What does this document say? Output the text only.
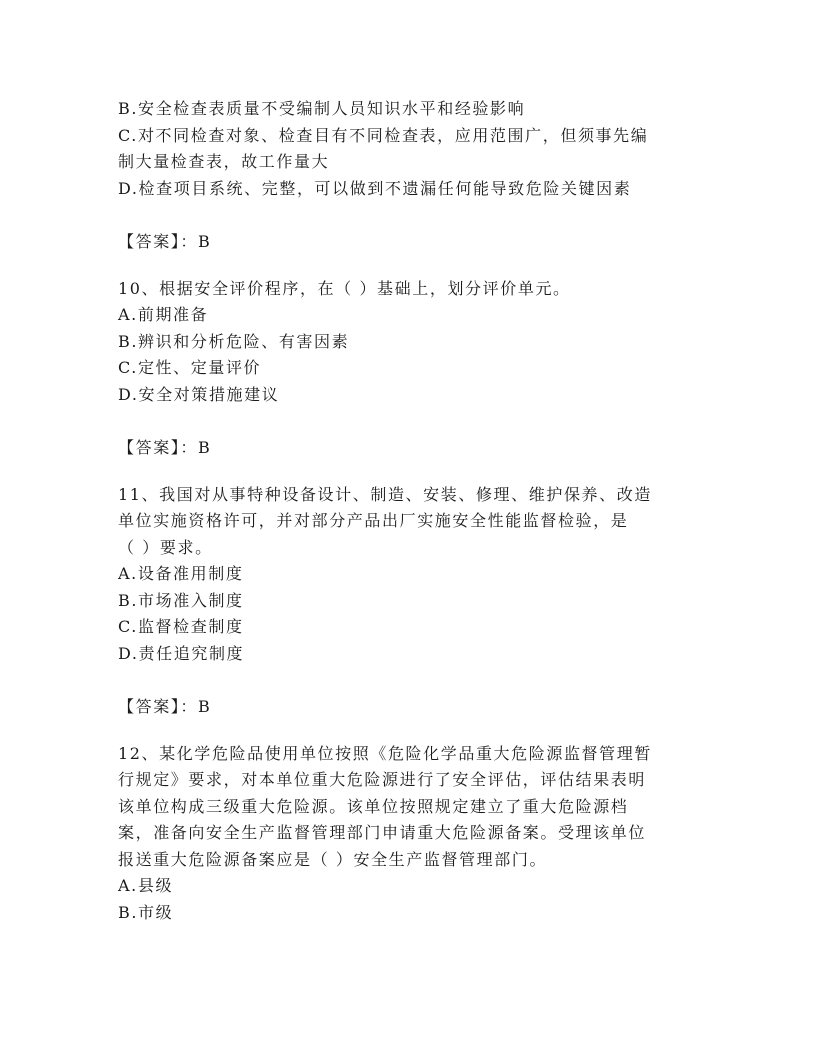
B.安全检查表质量不受编制人员知识水平和经验影响
C.对不同检查对象、检查目有不同检查表，应用范围广，但须事先编
制大量检查表，故工作量大
D.检查项目系统、完整，可以做到不遗漏任何能导致危险关键因素
【答案】：B
10、根据安全评价程序，在（ ）基础上，划分评价单元。
A.前期准备
B.辨识和分析危险、有害因素
C.定性、定量评价
D.安全对策措施建议
【答案】：B
11、我国对从事特种设备设计、制造、安装、修理、维护保养、改造
单位实施资格许可，并对部分产品出厂实施安全性能监督检验，是
（ ）要求。
A.设备准用制度
B.市场准入制度
C.监督检查制度
D.责任追究制度
【答案】：B
12、某化学危险品使用单位按照《危险化学品重大危险源监督管理暂
行规定》要求，对本单位重大危险源进行了安全评估，评估结果表明
该单位构成三级重大危险源。该单位按照规定建立了重大危险源档
案，准备向安全生产监督管理部门申请重大危险源备案。受理该单位
报送重大危险源备案应是（ ）安全生产监督管理部门。
A.县级
B.市级
